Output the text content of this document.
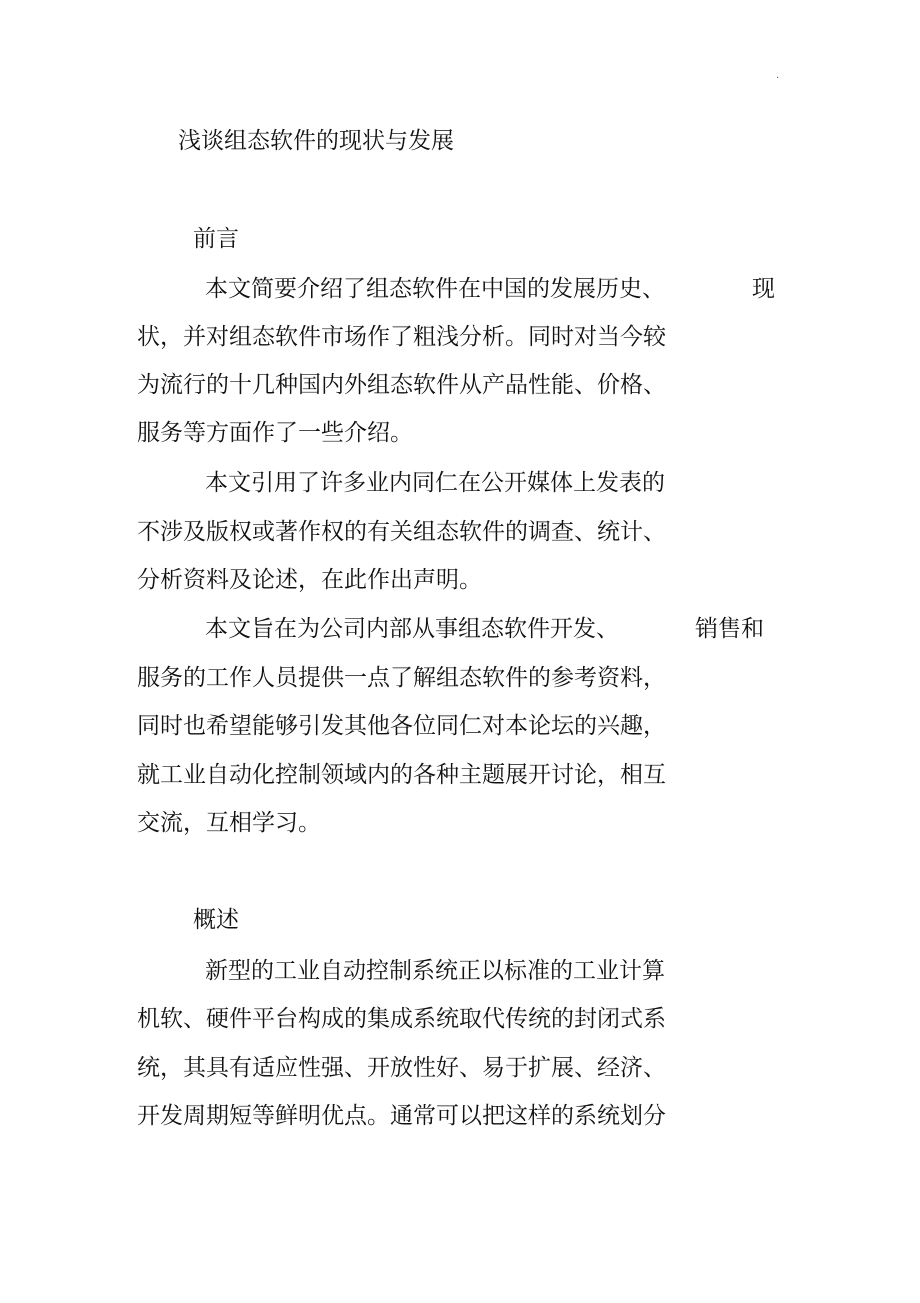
.
浅谈组态软件的现状与发展
前言
本文简要介绍了组态软件在中国的发展历史、	现
状，并对组态软件市场作了粗浅分析。同时对当今较
为流行的十几种国内外组态软件从产品性能、价格、
服务等方面作了一些介绍。
本文引用了许多业内同仁在公开媒体上发表的
不涉及版权或著作权的有关组态软件的调查、统计、
分析资料及论述，在此作出声明。
本文旨在为公司内部从事组态软件开发、	销售和
服务的工作人员提供一点了解组态软件的参考资料，
同时也希望能够引发其他各位同仁对本论坛的兴趣，
就工业自动化控制领域内的各种主题展开讨论，相互
交流，互相学习。
概述
新型的工业自动控制系统正以标准的工业计算
机软、硬件平台构成的集成系统取代传统的封闭式系
统，其具有适应性强、开放性好、易于扩展、经济、
开发周期短等鲜明优点。通常可以把这样的系统划分
